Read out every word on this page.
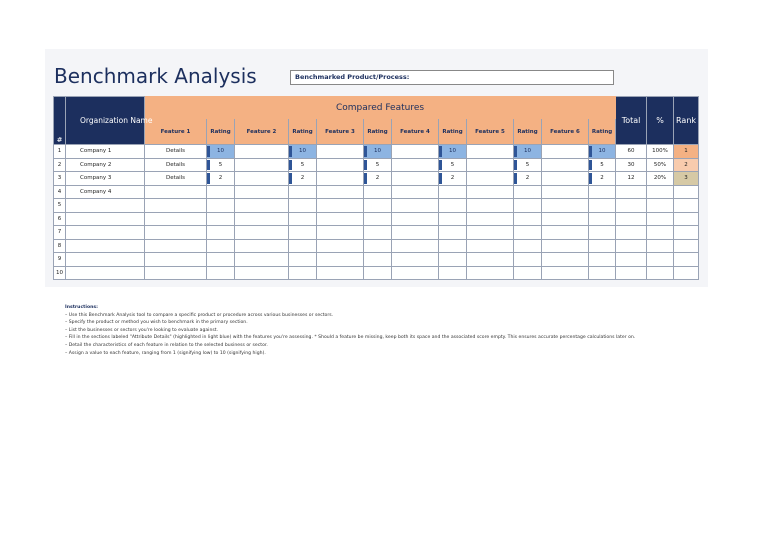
Benchmark Analysis	Benchmarked Product/Process:
#	Organization Name	Compared Features												Total	%	Rank
		Feature 1	Rating	Feature 2	Rating	Feature 3	Rating	Feature 4	Rating	Feature 5	Rating	Feature 6	Rating			
1	Company 1	Details	10		10		10		10		10		10	60	100%	1
2	Company 2	Details	5		5		5		5		5		5	30	50%	2
3	Company 3	Details	2		2		2		2		2		2	12	20%	3
4	Company 4															
5																
6																
7																
8																
9																
10																
Instructions:
– Use this Benchmark Analysis tool to compare a specific product or procedure across various businesses or sectors.
– Specify the product or method you wish to benchmark in the primary section.
– List the businesses or sectors you're looking to evaluate against.
– Fill in the sections labeled "Attribute Details" (highlighted in light blue) with the features you're assessing. * Should a feature be missing, keep both its space and the associated score empty. This ensures accurate percentage calculations later on.
– Detail the characteristics of each feature in relation to the selected business or sector.
– Assign a value to each feature, ranging from 1 (signifying low) to 10 (signifying high).
